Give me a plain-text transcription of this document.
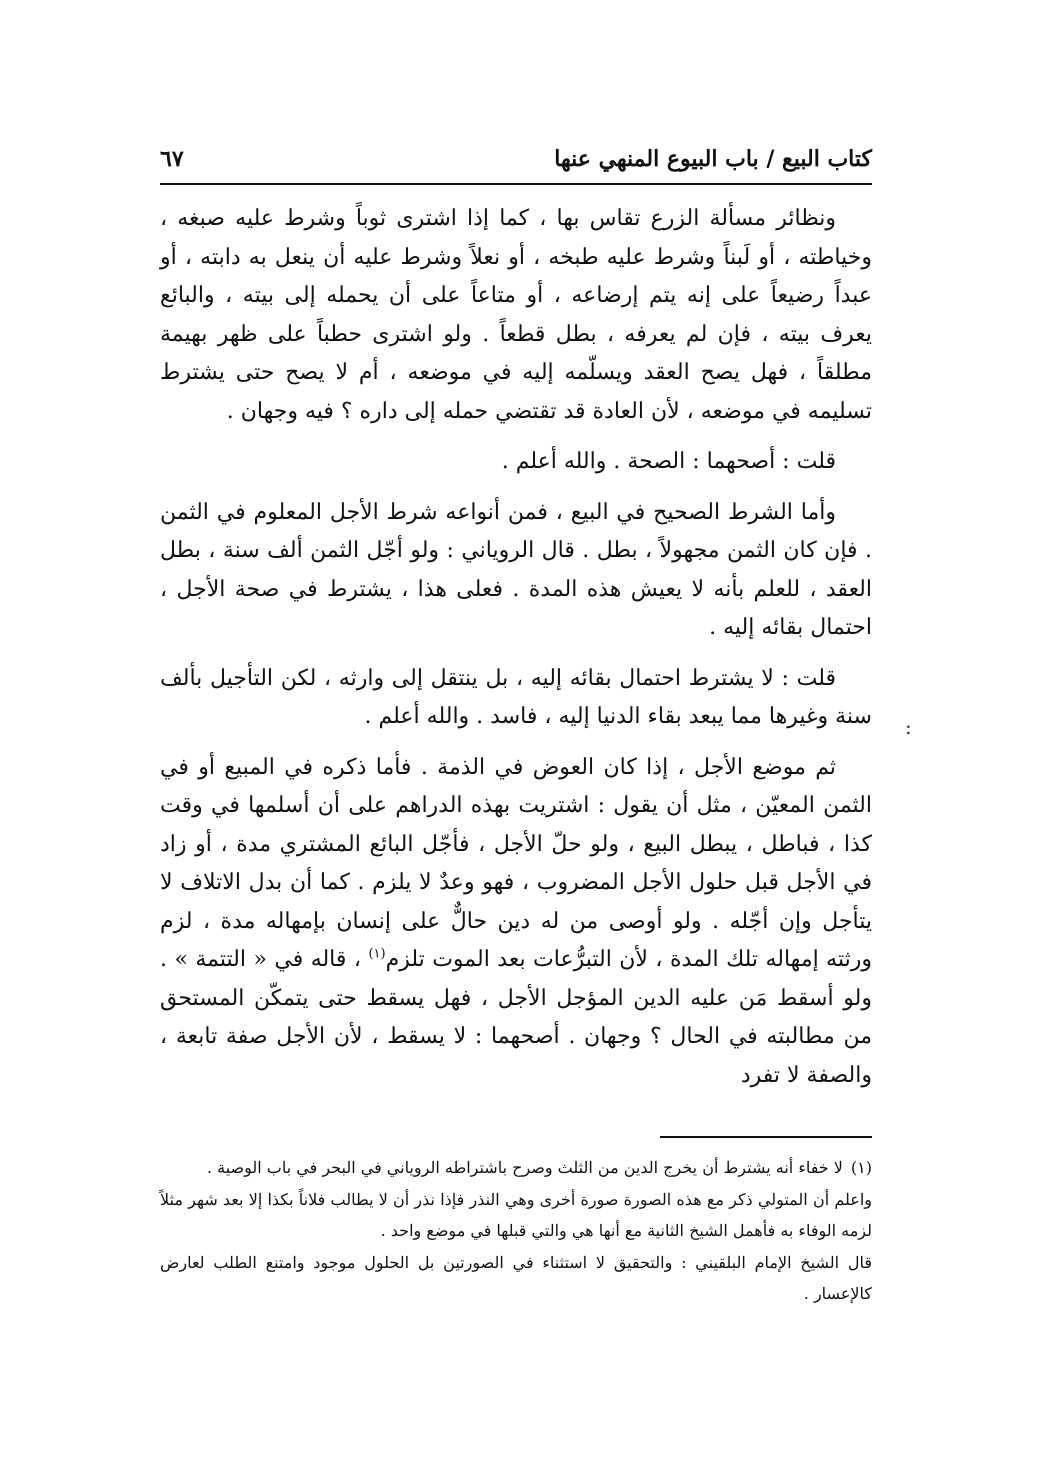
كتاب البيع / باب البيوع المنهي عنها
٦٧

ونظائر مسألة الزرع تقاس بها ، كما إذا اشترى ثوباً وشرط عليه صبغه ، وخياطته ، أو لَبناً وشرط عليه طبخه ، أو نعلاً وشرط عليه أن ينعل به دابته ، أو عبداً رضيعاً على إنه يتم إرضاعه ، أو متاعاً على أن يحمله إلى بيته ، والبائع يعرف بيته ، فإن لم يعرفه ، بطل قطعاً . ولو اشترى حطباً على ظهر بهيمة مطلقاً ، فهل يصح العقد ويسلّمه إليه في موضعه ، أم لا يصح حتى يشترط تسليمه في موضعه ، لأن العادة قد تقتضي حمله إلى داره ؟ فيه وجهان .

قلت : أصحهما : الصحة . والله أعلم .

وأما الشرط الصحيح في البيع ، فمن أنواعه شرط الأجل المعلوم في الثمن . فإن كان الثمن مجهولاً ، بطل . قال الروياني : ولو أجّل الثمن ألف سنة ، بطل العقد ، للعلم بأنه لا يعيش هذه المدة . فعلى هذا ، يشترط في صحة الأجل ، احتمال بقائه إليه .

قلت : لا يشترط احتمال بقائه إليه ، بل ينتقل إلى وارثه ، لكن التأجيل بألف سنة وغيرها مما يبعد بقاء الدنيا إليه ، فاسد . والله أعلم .

ثم موضع الأجل ، إذا كان العوض في الذمة . فأما ذكره في المبيع أو في الثمن المعيّن ، مثل أن يقول : اشتريت بهذه الدراهم على أن أسلمها في وقت كذا ، فباطل ، يبطل البيع ، ولو حلّ الأجل ، فأجّل البائع المشتري مدة ، أو زاد في الأجل قبل حلول الأجل المضروب ، فهو وعدٌ لا يلزم . كما أن بدل الاتلاف لا يتأجل وإن أجّله . ولو أوصى من له دين حالٌّ على إنسان بإمهاله مدة ، لزم ورثته إمهاله تلك المدة ، لأن التبرُّعات بعد الموت تلزم$^{(١)}$ ، قاله في « التتمة » . ولو أسقط مَن عليه الدين المؤجل الأجل ، فهل يسقط حتى يتمكّن المستحق من مطالبته في الحال ؟ وجهان . أصحهما : لا يسقط ، لأن الأجل صفة تابعة ، والصفة لا تفرد

:

(١)لا خفاء أنه يشترط أن يخرج الدين من الثلث وصرح باشتراطه الروياني في البحر في باب الوصية .

واعلم أن المتولي ذكر مع هذه الصورة صورة أخرى وهي النذر فإذا نذر أن لا يطالب فلاناً بكذا إلا بعد شهر مثلاً لزمه الوفاء به فأهمل الشيخ الثانية مع أنها هي والتي قبلها في موضع واحد .

قال الشيخ الإمام البلقيني : والتحقيق لا استثناء في الصورتين بل الحلول موجود وامتنع الطلب لعارض كالإعسار .
